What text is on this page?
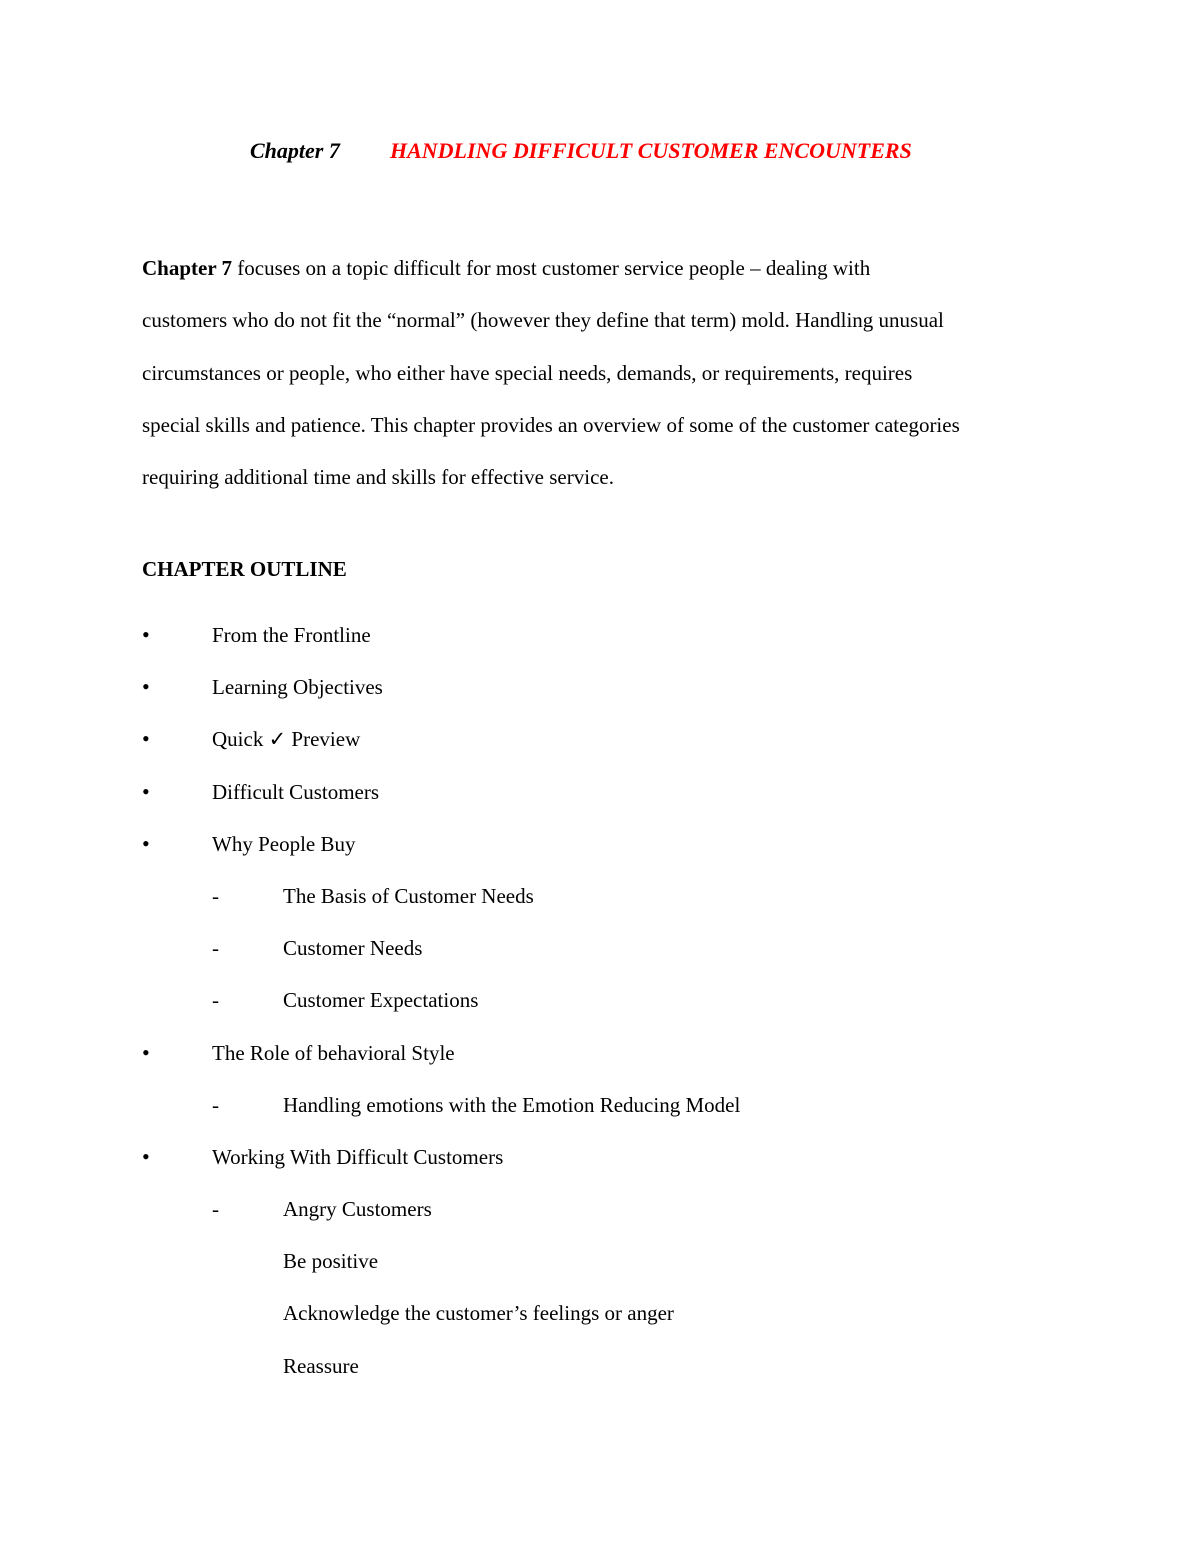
Chapter 7 HANDLING DIFFICULT CUSTOMER ENCOUNTERS
Chapter 7 focuses on a topic difficult for most customer service people – dealing with
customers who do not fit the “normal” (however they define that term) mold. Handling unusual
circumstances or people, who either have special needs, demands, or requirements, requires
special skills and patience. This chapter provides an overview of some of the customer categories
requiring additional time and skills for effective service.
CHAPTER OUTLINE
•	From the Frontline
•	Learning Objectives
•	Quick ✓ Preview
•	Difficult Customers
•	Why People Buy
-	The Basis of Customer Needs
-	Customer Needs
-	Customer Expectations
•	The Role of behavioral Style
-	Handling emotions with the Emotion Reducing Model
•	Working With Difficult Customers
-	Angry Customers
Be positive
Acknowledge the customer’s feelings or anger
Reassure
